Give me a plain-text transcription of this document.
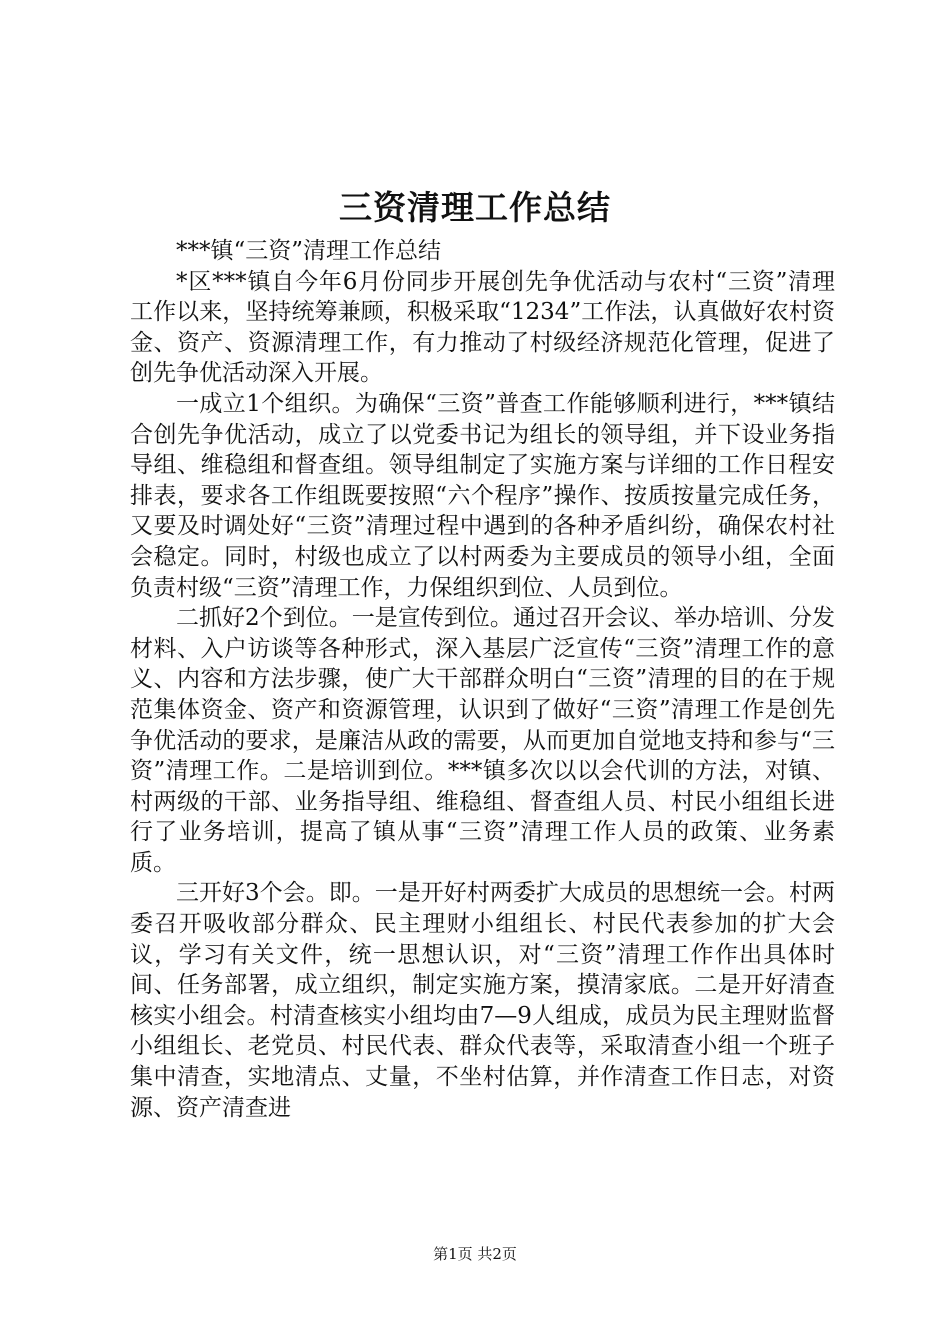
三资清理工作总结

***镇“三资”清理工作总结

*区***镇自今年6月份同步开展创先争优活动与农村“三资”清理工作以来，坚持统筹兼顾，积极采取“1234”工作法，认真做好农村资金、资产、资源清理工作，有力推动了村级经济规范化管理，促进了创先争优活动深入开展。

一成立1个组织。为确保“三资”普查工作能够顺利进行，***镇结合创先争优活动，成立了以党委书记为组长的领导组，并下设业务指导组、维稳组和督查组。领导组制定了实施方案与详细的工作日程安排表，要求各工作组既要按照“六个程序”操作、按质按量完成任务，又要及时调处好“三资”清理过程中遇到的各种矛盾纠纷，确保农村社会稳定。同时，村级也成立了以村两委为主要成员的领导小组，全面负责村级“三资”清理工作，力保组织到位、人员到位。

二抓好2个到位。一是宣传到位。通过召开会议、举办培训、分发材料、入户访谈等各种形式，深入基层广泛宣传“三资”清理工作的意义、内容和方法步骤，使广大干部群众明白“三资”清理的目的在于规范集体资金、资产和资源管理，认识到了做好“三资”清理工作是创先争优活动的要求，是廉洁从政的需要，从而更加自觉地支持和参与“三资”清理工作。二是培训到位。***镇多次以以会代训的方法，对镇、村两级的干部、业务指导组、维稳组、督查组人员、村民小组组长进行了业务培训，提高了镇从事“三资”清理工作人员的政策、业务素质。

三开好3个会。即。一是开好村两委扩大成员的思想统一会。村两委召开吸收部分群众、民主理财小组组长、村民代表参加的扩大会议，学习有关文件，统一思想认识，对“三资”清理工作作出具体时间、任务部署，成立组织，制定实施方案，摸清家底。二是开好清查核实小组会。村清查核实小组均由7—9人组成，成员为民主理财监督小组组长、老党员、村民代表、群众代表等，采取清查小组一个班子集中清查，实地清点、丈量，不坐村估算，并作清查工作日志，对资源、资产清查进

第1页 共2页
